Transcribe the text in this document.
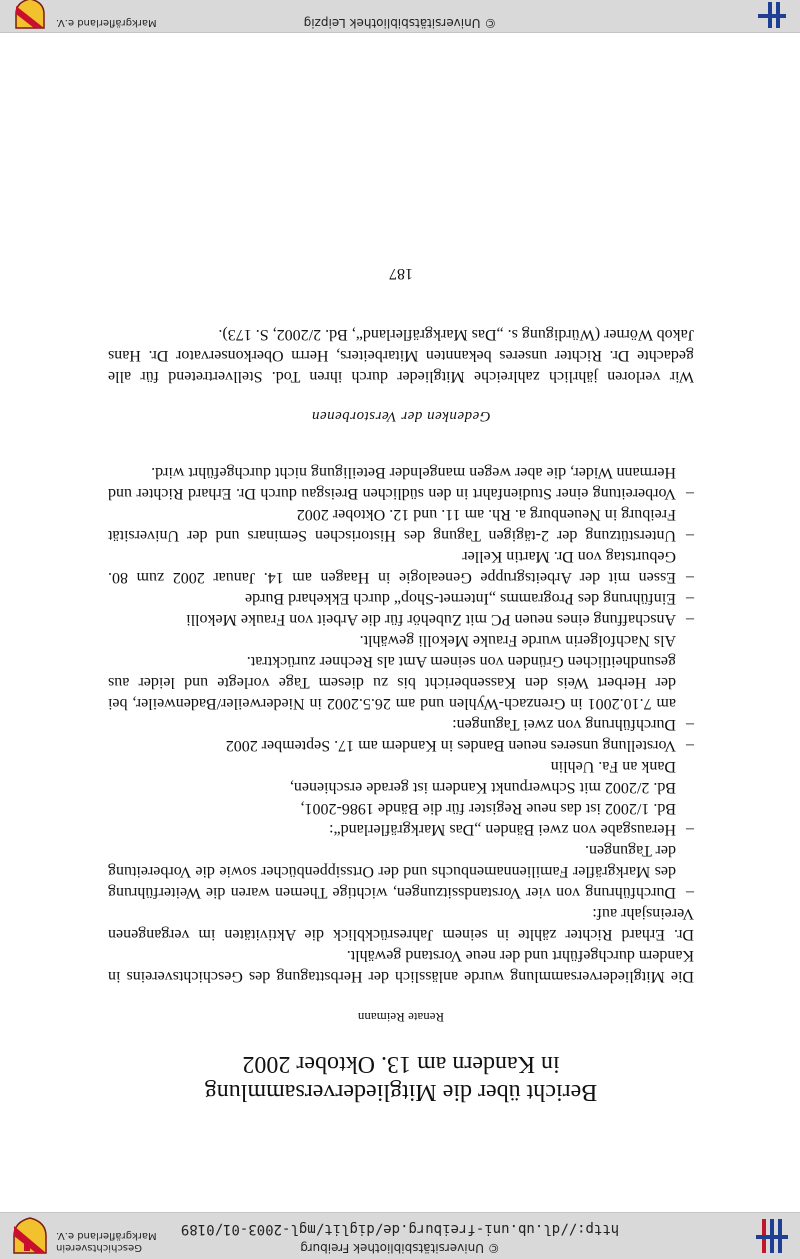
© Universitätsbibliothek Freiburg
http://dl.ub.uni-freiburg.de/diglit/mgl-2003-01/0189
Geschichtsverein
Markgräflerland e.V.
Bericht über die Mitgliederversammlung
in Kandern am 13. Oktober 2002
Renate Reimann

Die Mitgliederversammlung wurde anlässlich der Herbsttagung des Geschichtsvereins in Kandern durchgeführt und der neue Vorstand gewählt.

Dr. Erhard Richter zählte in seinem Jahresrückblick die Aktivitäten im vergangenen Vereinsjahr auf:

–
Durchführung von vier Vorstandssitzungen, wichtige Themen waren die Weiterführung des Markgräfler Familiennamenbuchs und der Ortssippenbücher sowie die Vorbereitung der Tagungen.
–
Herausgabe von zwei Bänden „Das Markgräflerland“:
Bd. 1/2002 ist das neue Register für die Bände 1986-2001,
Bd. 2/2002 mit Schwerpunkt Kandern ist gerade erschienen,
Dank an Fa. Uehlin
–
Vorstellung unseres neuen Bandes in Kandern am 17. September 2002
–
Durchführung von zwei Tagungen:
am 7.10.2001 in Grenzach-Wyhlen und am 26.5.2002 in Niederweiler/Badenweiler, bei der Herbert Weis den Kassenbericht bis zu diesem Tage vorlegte und leider aus gesundheitlichen Gründen von seinem Amt als Rechner zurücktrat.
Als Nachfolgerin wurde Frauke Mekolli gewählt.
–
Anschaffung eines neuen PC mit Zubehör für die Arbeit von Frauke Mekolli
–
Einführung des Programms „Internet-Shop“ durch Ekkehard Burde
–
Essen mit der Arbeitsgruppe Genealogie in Haagen am 14. Januar 2002 zum 80. Geburtstag von Dr. Martin Keller
–
Unterstützung der 2-tägigen Tagung des Historischen Seminars und der Universität Freiburg in Neuenburg a. Rh. am 11. und 12. Oktober 2002
–
Vorbereitung einer Studienfahrt in den südlichen Breisgau durch Dr. Erhard Richter und Hermann Wider, die aber wegen mangelnder Beteiligung nicht durchgeführt wird.
Gedenken der Verstorbenen

Wir verloren jährlich zahlreiche Mitglieder durch ihren Tod. Stellvertretend für alle gedachte Dr. Richter unseres bekannten Mitarbeiters, Herrn Oberkonservator Dr. Hans Jakob Wörner (Würdigung s. „Das Markgräflerland“, Bd. 2/2002, S. 173).

187
© Universitätsbibliothek Leipzig
Markgräflerland e.V.
